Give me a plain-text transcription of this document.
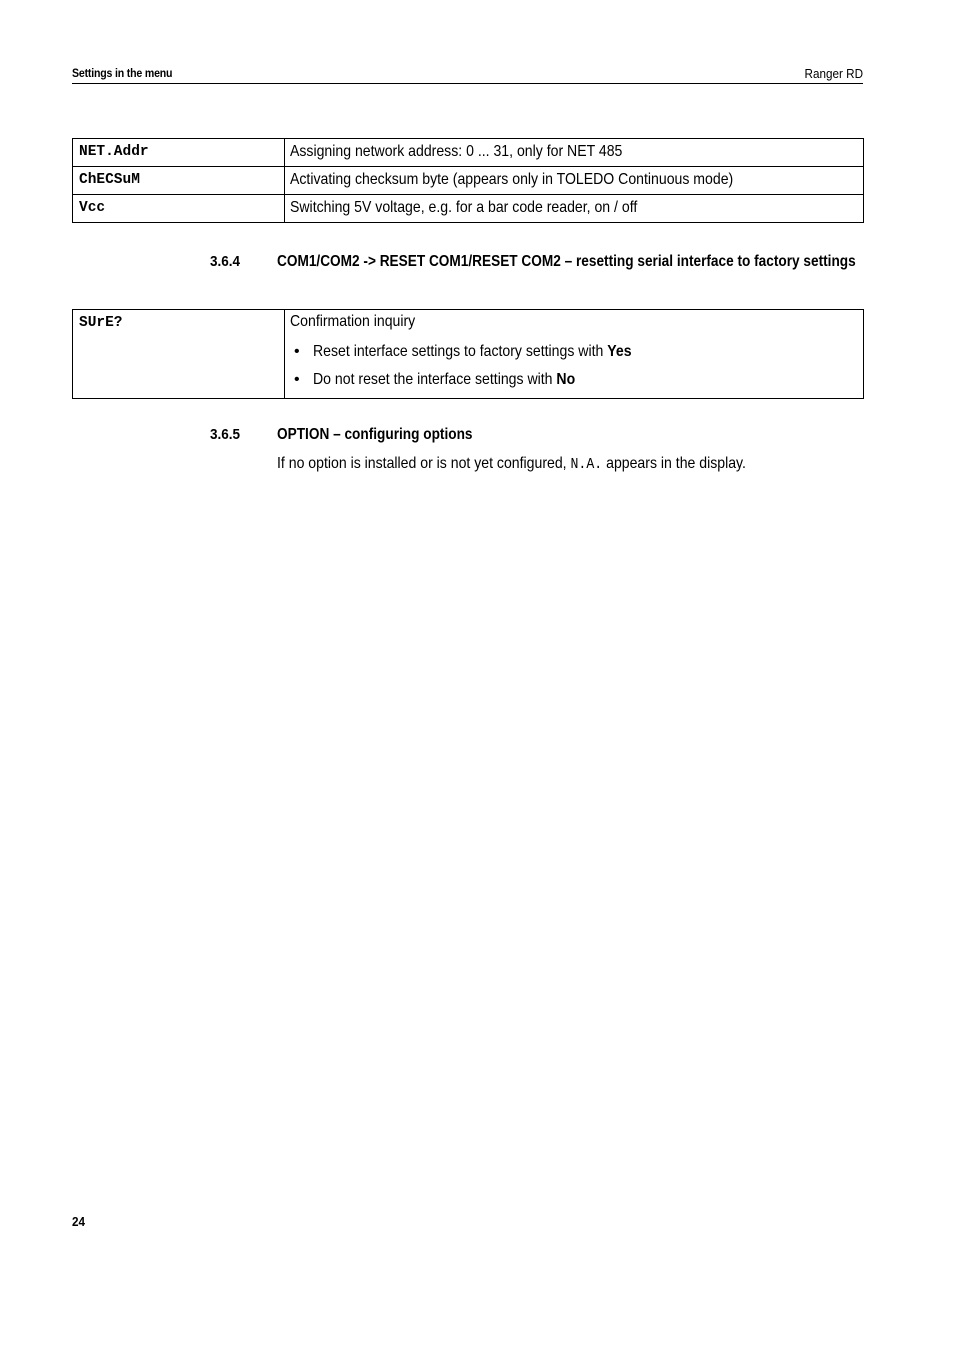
Settings in the menu	Ranger RD
NET.Addr	Assigning network address: 0 ... 31, only for NET 485
ChECSuM	Activating checksum byte (appears only in TOLEDO Continuous mode)
Vcc	Switching 5V voltage, e.g. for a bar code reader, on / off
3.6.4 COM1/COM2 -> RESET COM1/RESET COM2 – resetting serial interface to factory settings
SUrE?	Confirmation inquiry
• Reset interface settings to factory settings with Yes
• Do not reset the interface settings with No
3.6.5 OPTION – configuring options
If no option is installed or is not yet configured, N.A. appears in the display.
24
